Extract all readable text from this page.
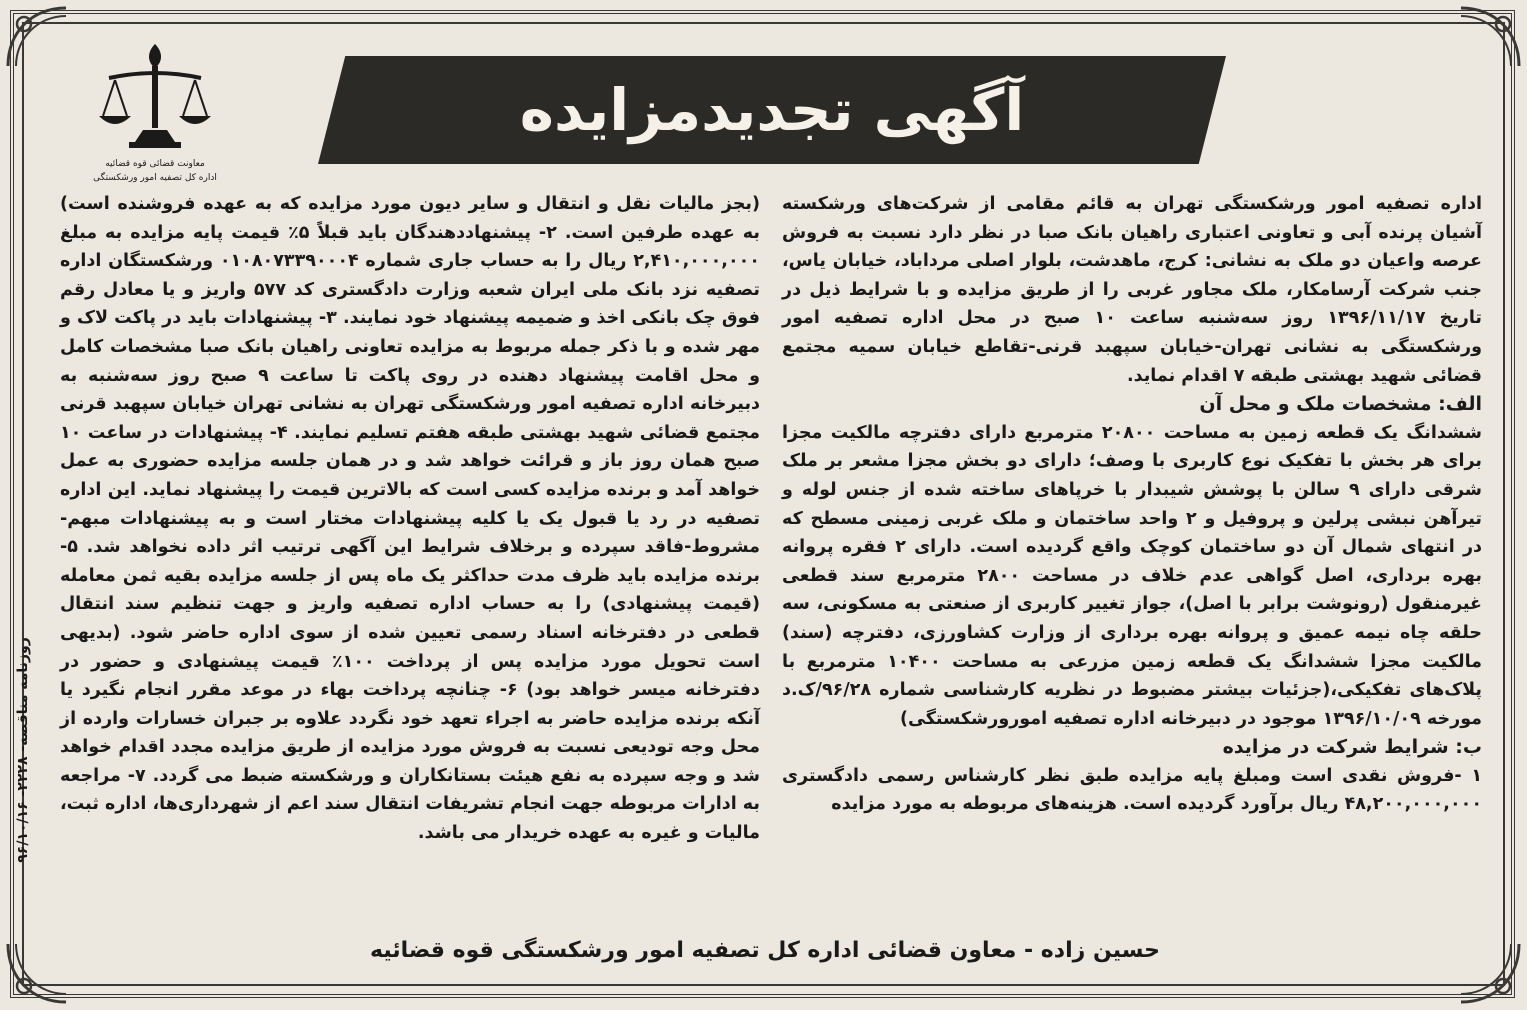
آگهی تجدیدمزایده
معاونت قضائی قوه قضائیه
اداره کل تصفیه امور ورشکستگی

اداره تصفیه امور ورشکستگی تهران به قائم مقامی از شرکت‌های ورشکسته آشیان پرنده آبی و تعاونی اعتباری راهیان بانک صبا در نظر دارد نسبت به فروش عرصه واعیان دو ملک به نشانی: کرج، ماهدشت، بلوار اصلی مرداباد، خیابان یاس، جنب شرکت آرسامکار، ملک مجاور غربی را از طریق مزایده و با شرایط ذیل در تاریخ ۱۳۹۶/۱۱/۱۷ روز سه‌شنبه ساعت ۱۰ صبح در محل اداره تصفیه امور ورشکستگی به نشانی تهران-خیابان سپهبد قرنی-تقاطع خیابان سمیه مجتمع قضائی شهید بهشتی طبقه ۷ اقدام نماید.

الف: مشخصات ملک و محل آن

ششدانگ یک قطعه زمین به مساحت ۲۰۸۰۰ مترمربع دارای دفترچه مالکیت مجزا برای هر بخش با تفکیک نوع کاربری با وصف؛ دارای دو بخش مجزا مشعر بر ملک شرقی دارای ۹ سالن با پوشش شیبدار با خرپاهای ساخته شده از جنس لوله و تیرآهن نبشی پرلین و پروفیل و ۲ واحد ساختمان و ملک غربی زمینی مسطح که در انتهای شمال آن دو ساختمان کوچک واقع گردیده است. دارای ۲ فقره پروانه بهره برداری، اصل گواهی عدم خلاف در مساحت ۲۸۰۰ مترمربع سند قطعی غیرمنقول (رونوشت برابر با اصل)، جواز تغییر کاربری از صنعتی به مسکونی، سه حلقه چاه نیمه عمیق و پروانه بهره برداری از وزارت کشاورزی، دفترچه (سند) مالکیت مجزا ششدانگ یک قطعه زمین مزرعی به مساحت ۱۰۴۰۰ مترمربع با پلاک‌های تفکیکی،(جزئیات بیشتر مضبوط در نظریه کارشناسی شماره ۹۶/۲۸/ک.د مورخه ۱۳۹۶/۱۰/۰۹ موجود در دبیرخانه اداره تصفیه امورورشکستگی)

ب: شرایط شرکت در مزایده

۱ -فروش نقدی است ومبلغ پایه مزایده طبق نظر کارشناس رسمی دادگستری ۴۸,۲۰۰,۰۰۰,۰۰۰ ریال برآورد گردیده است. هزینه‌های مربوطه به مورد مزایده

(بجز مالیات نقل و انتقال و سایر دیون مورد مزایده که به عهده فروشنده است) به عهده طرفین است. ۲- پیشنهاددهندگان باید قبلاً ۵٪ قیمت پایه مزایده به مبلغ ۲,۴۱۰,۰۰۰,۰۰۰ ریال را به حساب جاری شماره ۰۱۰۸۰۷۳۳۹۰۰۰۴ ورشکستگان اداره تصفیه نزد بانک ملی ایران شعبه وزارت دادگستری کد ۵۷۷ واریز و یا معادل رقم فوق چک بانکی اخذ و ضمیمه پیشنهاد خود نمایند. ۳- پیشنهادات باید در پاکت لاک و مهر شده و با ذکر جمله مربوط به مزایده تعاونی راهیان بانک صبا مشخصات کامل و محل اقامت پیشنهاد دهنده در روی پاکت تا ساعت ۹ صبح روز سه‌شنبه به دبیرخانه اداره تصفیه امور ورشکستگی تهران به نشانی تهران خیابان سپهبد قرنی مجتمع قضائی شهید بهشتی طبقه هفتم تسلیم نمایند. ۴- پیشنهادات در ساعت ۱۰ صبح همان روز باز و قرائت خواهد شد و در همان جلسه مزایده حضوری به عمل خواهد آمد و برنده مزایده کسی است که بالاترین قیمت را پیشنهاد نماید. این اداره تصفیه در رد یا قبول یک یا کلیه پیشنهادات مختار است و به پیشنهادات مبهم-مشروط-فاقد سپرده و برخلاف شرایط این آگهی ترتیب اثر داده نخواهد شد. ۵- برنده مزایده باید ظرف مدت حداکثر یک ماه پس از جلسه مزایده بقیه ثمن معامله (قیمت پیشنهادی) را به حساب اداره تصفیه واریز و جهت تنظیم سند انتقال قطعی در دفترخانه اسناد رسمی تعیین شده از سوی اداره حاضر شود. (بدیهی است تحویل مورد مزایده پس از پرداخت ۱۰۰٪ قیمت پیشنهادی و حضور در دفترخانه میسر خواهد بود) ۶- چنانچه پرداخت بهاء در موعد مقرر انجام نگیرد یا آنکه برنده مزایده حاضر به اجراء تعهد خود نگردد علاوه بر جبران خسارات وارده از محل وجه تودیعی نسبت به فروش مورد مزایده از طریق مزایده مجدد اقدام خواهد شد و وجه سپرده به نفع هیئت بستانکاران و ورشکسته ضبط می گردد. ۷- مراجعه به ادارات مربوطه جهت انجام تشریفات انتقال سند اعم از شهرداری‌ها، اداره ثبت، مالیات و غیره به عهده خریدار می باشد.

حسین زاده - معاون قضائی اداره کل تصفیه امور ورشکستگی قوه قضائیه
روزنامه مناقصه- ۲۲۲۸- ۹۶/۱۰/۱۶
